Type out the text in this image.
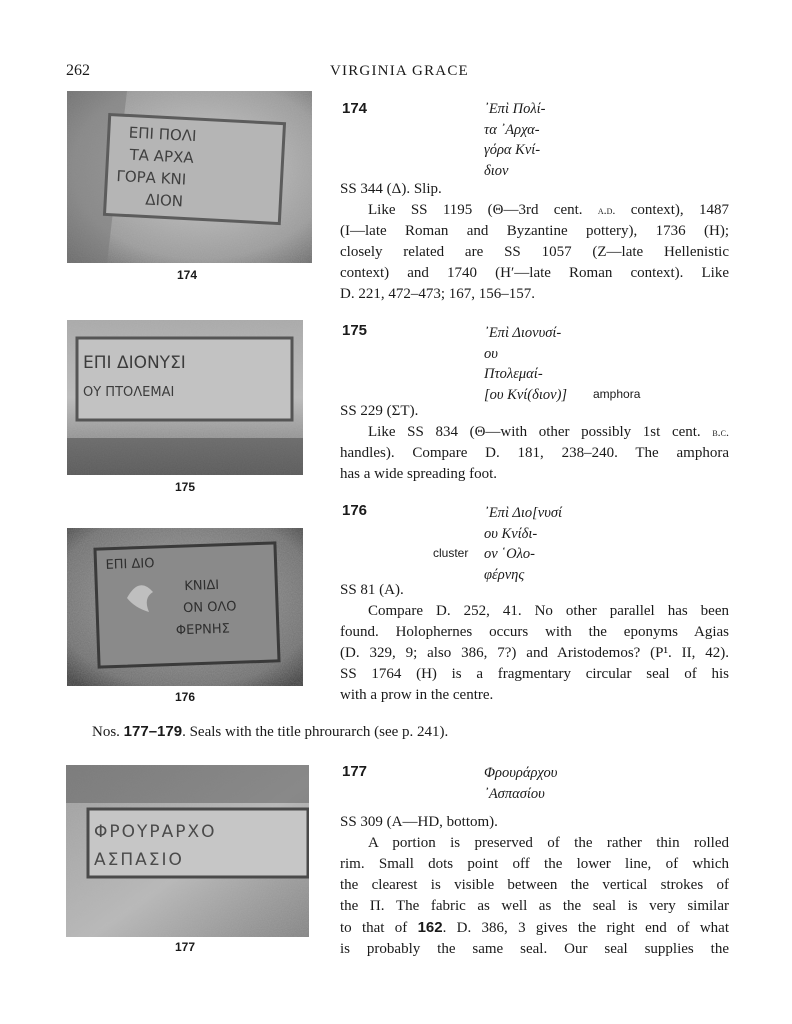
262	VIRGINIA GRACE
ΕΠΙ ΠΟΛΙ
ΤΑ ΑΡΧΑ
ΓΟΡΑ ΚΝΙ
ΔΙΟΝ
174
174	᾿Επὶ Πολί-
τα ᾿Αρχα-
γόρα Κνί-
διον
SS 344 (Δ). Slip.
Like SS 1195 (Θ—3rd cent. a.d. context), 1487
(I—late Roman and Byzantine pottery), 1736 (H);
closely related are SS 1057 (Z—late Hellenistic
context) and 1740 (H′—late Roman context). Like
D. 221, 472–473; 167, 156–157.
ΕΠΙ ΔΙΟΝΥΣΙ
ΟΥ ΠΤΟΛΕΜΑΙ
175
175	᾿Επὶ Διονυσί-
ου
Πτολεμαί-
[ου Κνί(διον)] amphora
SS 229 (ΣΤ).
Like SS 834 (Θ—with other possibly 1st cent. b.c.
handles). Compare D. 181, 238–240. The amphora
has a wide spreading foot.
ΕΠΙ ΔΙΟ
ΚΝΙΔΙ
ΟΝ ΟΛΟ
ΦΕΡΝΗΣ
176
176	᾿Επὶ Διο[νυσί
ου Κνίδι-
ον ῾Ολο-
φέρνης
cluster
SS 81 (A).
Compare D. 252, 41. No other parallel has been
found. Holophernes occurs with the eponyms Agias
(D. 329, 9; also 386, 7?) and Aristodemos? (P¹. II, 42).
SS 1764 (H) is a fragmentary circular seal of his
with a prow in the centre.
Nos. 177–179. Seals with the title phrourarch (see p. 241).
ΦΡΟΥΡΑΡΧΟ
ΑΣΠΑΣΙΟ
177
177	Φρουράρχου
᾿Ασπασίου
SS 309 (A—HD, bottom).
A portion is preserved of the rather thin rolled
rim. Small dots point off the lower line, of which
the clearest is visible between the vertical strokes of
the Π. The fabric as well as the seal is very similar
to that of 162. D. 386, 3 gives the right end of what
is probably the same seal. Our seal supplies the
